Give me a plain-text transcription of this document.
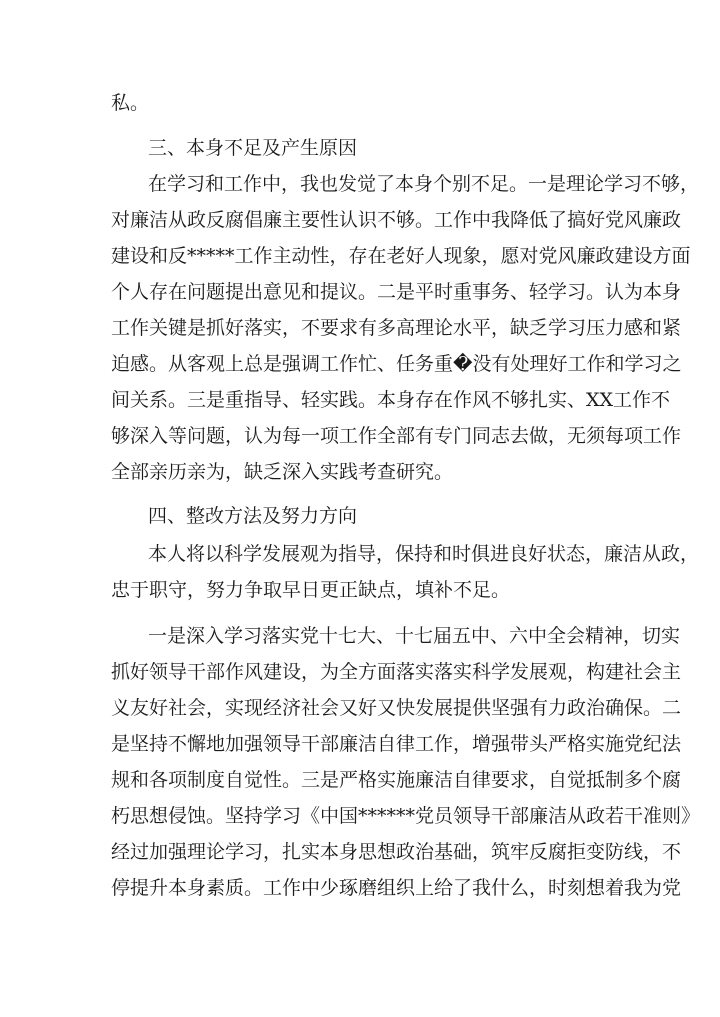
私。
三、本身不足及产生原因
在学习和工作中，我也发觉了本身个别不足。一是理论学习不够，
对廉洁从政反腐倡廉主要性认识不够。工作中我降低了搞好党风廉政
建设和反*****工作主动性，存在老好人现象，愿对党风廉政建设方面
个人存在问题提出意见和提议。二是平时重事务、轻学习。认为本身
工作关键是抓好落实，不要求有多高理论水平，缺乏学习压力感和紧
迫感。从客观上总是强调工作忙、任务重�没有处理好工作和学习之
间关系。三是重指导、轻实践。本身存在作风不够扎实、XX工作不
够深入等问题，认为每一项工作全部有专门同志去做，无须每项工作
全部亲历亲为，缺乏深入实践考查研究。
四、整改方法及努力方向
本人将以科学发展观为指导，保持和时俱进良好状态，廉洁从政，
忠于职守，努力争取早日更正缺点，填补不足。
一是深入学习落实党十七大、十七届五中、六中全会精神，切实
抓好领导干部作风建设，为全方面落实落实科学发展观，构建社会主
义友好社会，实现经济社会又好又快发展提供坚强有力政治确保。二
是坚持不懈地加强领导干部廉洁自律工作，增强带头严格实施党纪法
规和各项制度自觉性。三是严格实施廉洁自律要求，自觉抵制多个腐
朽思想侵蚀。坚持学习《中国******党员领导干部廉洁从政若干准则》
经过加强理论学习，扎实本身思想政治基础，筑牢反腐拒变防线，不
停提升本身素质。工作中少琢磨组织上给了我什么，时刻想着我为党
